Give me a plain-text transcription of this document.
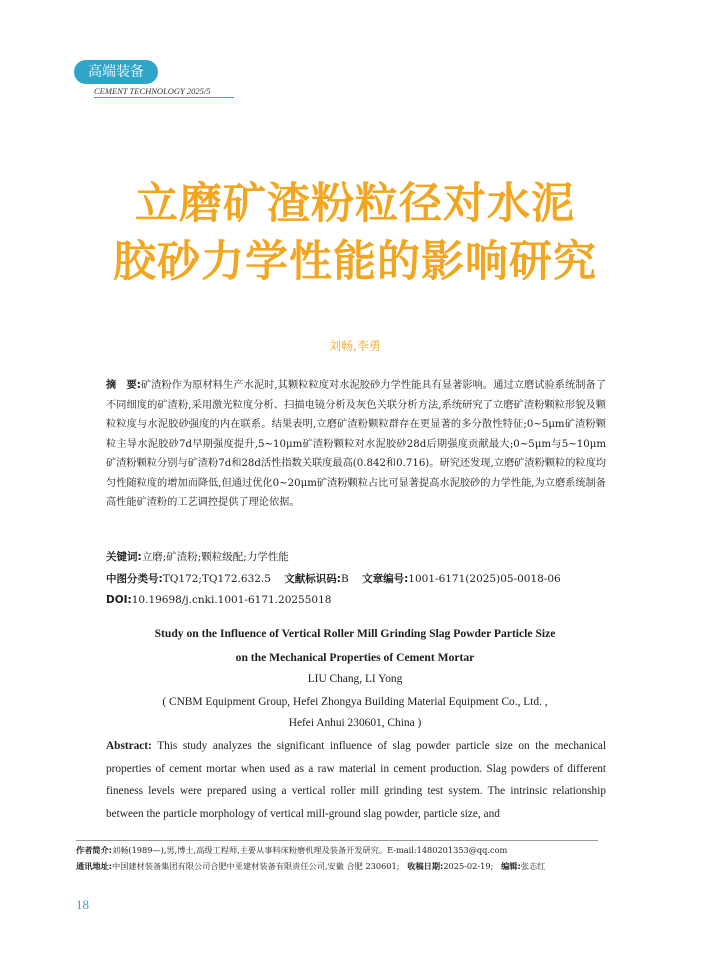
高端装备
CEMENT TECHNOLOGY 2025/5
立磨矿渣粉粒径对水泥
胶砂力学性能的影响研究
刘畅,李勇
摘　要:矿渣粉作为原材料生产水泥时,其颗粒粒度对水泥胶砂力学性能具有显著影响。通过立磨试验系统制备了不同细度的矿渣粉,采用激光粒度分析、扫描电镜分析及灰色关联分析方法,系统研究了立磨矿渣粉颗粒形貌及颗粒粒度与水泥胶砂强度的内在联系。结果表明,立磨矿渣粉颗粒群存在更显著的多分散性特征;0~5μm矿渣粉颗粒主导水泥胶砂7d早期强度提升,5~10μm矿渣粉颗粒对水泥胶砂28d后期强度贡献最大;0~5μm与5~10μm矿渣粉颗粒分别与矿渣粉7d和28d活性指数关联度最高(0.842和0.716)。研究还发现,立磨矿渣粉颗粒的粒度均匀性随粒度的增加而降低,但通过优化0~20μm矿渣粉颗粒占比可显著提高水泥胶砂的力学性能,为立磨系统制备高性能矿渣粉的工艺调控提供了理论依据。
关键词:立磨;矿渣粉;颗粒级配;力学性能
中图分类号:TQ172;TQ172.632.5 文献标识码:B 文章编号:1001-6171(2025)05-0018-06
DOI:10.19698/j.cnki.1001-6171.20255018
Study on the Influence of Vertical Roller Mill Grinding Slag Powder Particle Size
on the Mechanical Properties of Cement Mortar
LIU Chang, LI Yong
( CNBM Equipment Group, Hefei Zhongya Building Material Equipment Co., Ltd. ,
Hefei Anhui 230601, China )
Abstract: This study analyzes the significant influence of slag powder particle size on the mechanical properties of cement mortar when used as a raw material in cement production. Slag powders of different fineness levels were prepared using a vertical roller mill grinding test system. The intrinsic relationship between the particle morphology of vertical mill-ground slag powder, particle size, and
作者简介:刘畅(1989—),男,博士,高级工程师,主要从事料床粉磨机理及装备开发研究。E-mail:1480201353@qq.com
通讯地址:中国建材装备集团有限公司合肥中亚建材装备有限责任公司,安徽 合肥 230601; 收稿日期:2025-02-19; 编辑:张志红
18
